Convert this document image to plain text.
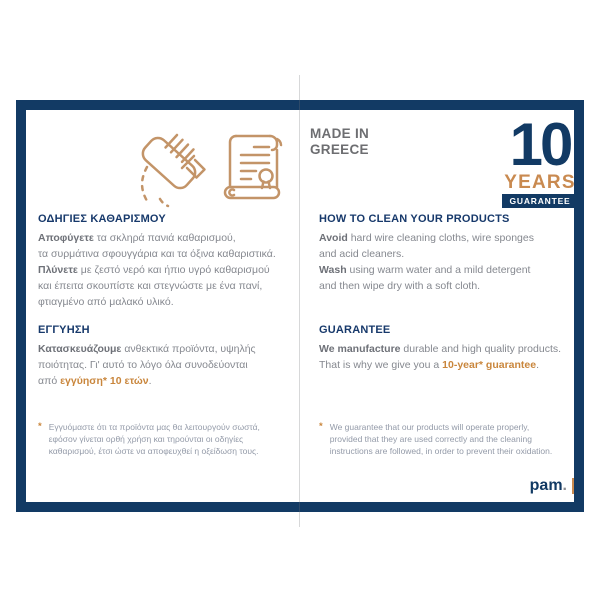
MADE IN
GREECE 10
YEARS
GUARANTEE
ΟΔΗΓΙΕΣ ΚΑΘΑΡΙΣΜΟΥ
Αποφύγετε τα σκληρά πανιά καθαρισμού,
τα συρμάτινα σφουγγάρια και τα όξινα καθαριστικά.
Πλύνετε με ζεστό νερό και ήπιο υγρό καθαρισμού
και έπειτα σκουπίστε και στεγνώστε με ένα πανί,
φτιαγμένο από μαλακό υλικό.
ΕΓΓΥΗΣΗ
Κατασκευάζουμε ανθεκτικά προϊόντα, υψηλής
ποιότητας. Γι' αυτό το λόγο όλα συνοδεύονται
από εγγύηση* 10 ετών.
* Εγγυόμαστε ότι τα προϊόντα μας θα λειτουργούν σωστά,
εφόσον γίνεται ορθή χρήση και τηρούνται οι οδηγίες
καθαρισμού, έτσι ώστε να αποφευχθεί η οξείδωση τους.
HOW TO CLEAN YOUR PRODUCTS
Avoid hard wire cleaning cloths, wire sponges
and acid cleaners.
Wash using warm water and a mild detergent
and then wipe dry with a soft cloth.
GUARANTEE
We manufacture durable and high quality products.
That is why we give you a 10-year* guarantee.
* We guarantee that our products will operate properly,
provided that they are used correctly and the cleaning
instructions are followed, in order to prevent their oxidation.
pam .
